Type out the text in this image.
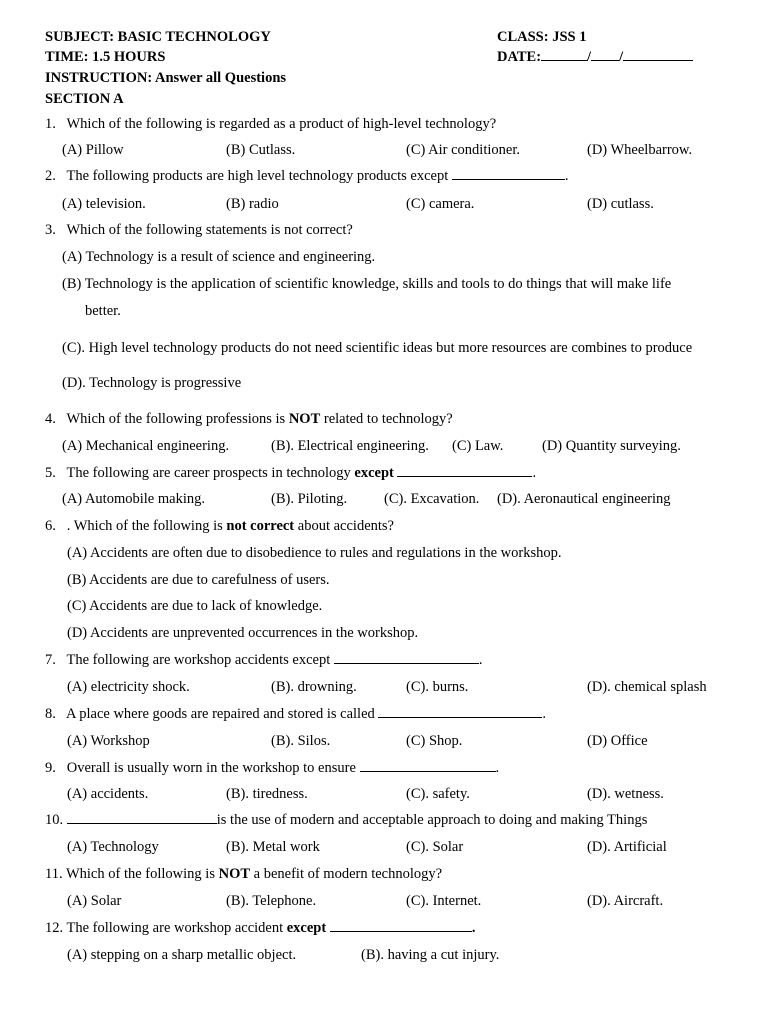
SUBJECT: BASIC TECHNOLOGY	CLASS: JSS 1
TIME: 1.5 HOURS	DATE:	/ /
INSTRUCTION: Answer all Questions
SECTION A
1. Which of the following is regarded as a product of high-level technology?
(A) Pillow	(B) Cutlass.	(C) Air conditioner.	(D) Wheelbarrow.
2. The following products are high level technology products except	.
(A) television.	(B) radio	(C) camera.	(D) cutlass.
3. Which of the following statements is not correct?
(A) Technology is a result of science and engineering.
(B) Technology is the application of scientific knowledge, skills and tools to do things that will make life
better.
(C). High level technology products do not need scientific ideas but more resources are combines to produce
(D). Technology is progressive
4. Which of the following professions is NOT related to technology?
(A) Mechanical engineering.	(B). Electrical engineering. (C) Law.	(D) Quantity surveying.
5. The following are career prospects in technology except	.
(A) Automobile making.	(B). Piloting.	(C). Excavation. (D). Aeronautical engineering
6. . Which of the following is not correct about accidents?
(A) Accidents are often due to disobedience to rules and regulations in the workshop.
(B) Accidents are due to carefulness of users.
(C) Accidents are due to lack of knowledge.
(D) Accidents are unprevented occurrences in the workshop.
7. The following are workshop accidents except	.
(A) electricity shock.	(B). drowning.	(C). burns.	(D). chemical splash
8. A place where goods are repaired and stored is called	.
(A) Workshop	(B). Silos.	(C) Shop.	(D) Office
9. Overall is usually worn in the workshop to ensure	.
(A) accidents.	(B). tiredness.	(C). safety.	(D). wetness.
10.	is the use of modern and acceptable approach to doing and making Things
(A) Technology	(B). Metal work	(C). Solar	(D). Artificial
11. Which of the following is NOT a benefit of modern technology?
(A) Solar	(B). Telephone.	(C). Internet.	(D). Aircraft.
12. The following are workshop accident except	.
(A) stepping on a sharp metallic object.	(B). having a cut injury.
